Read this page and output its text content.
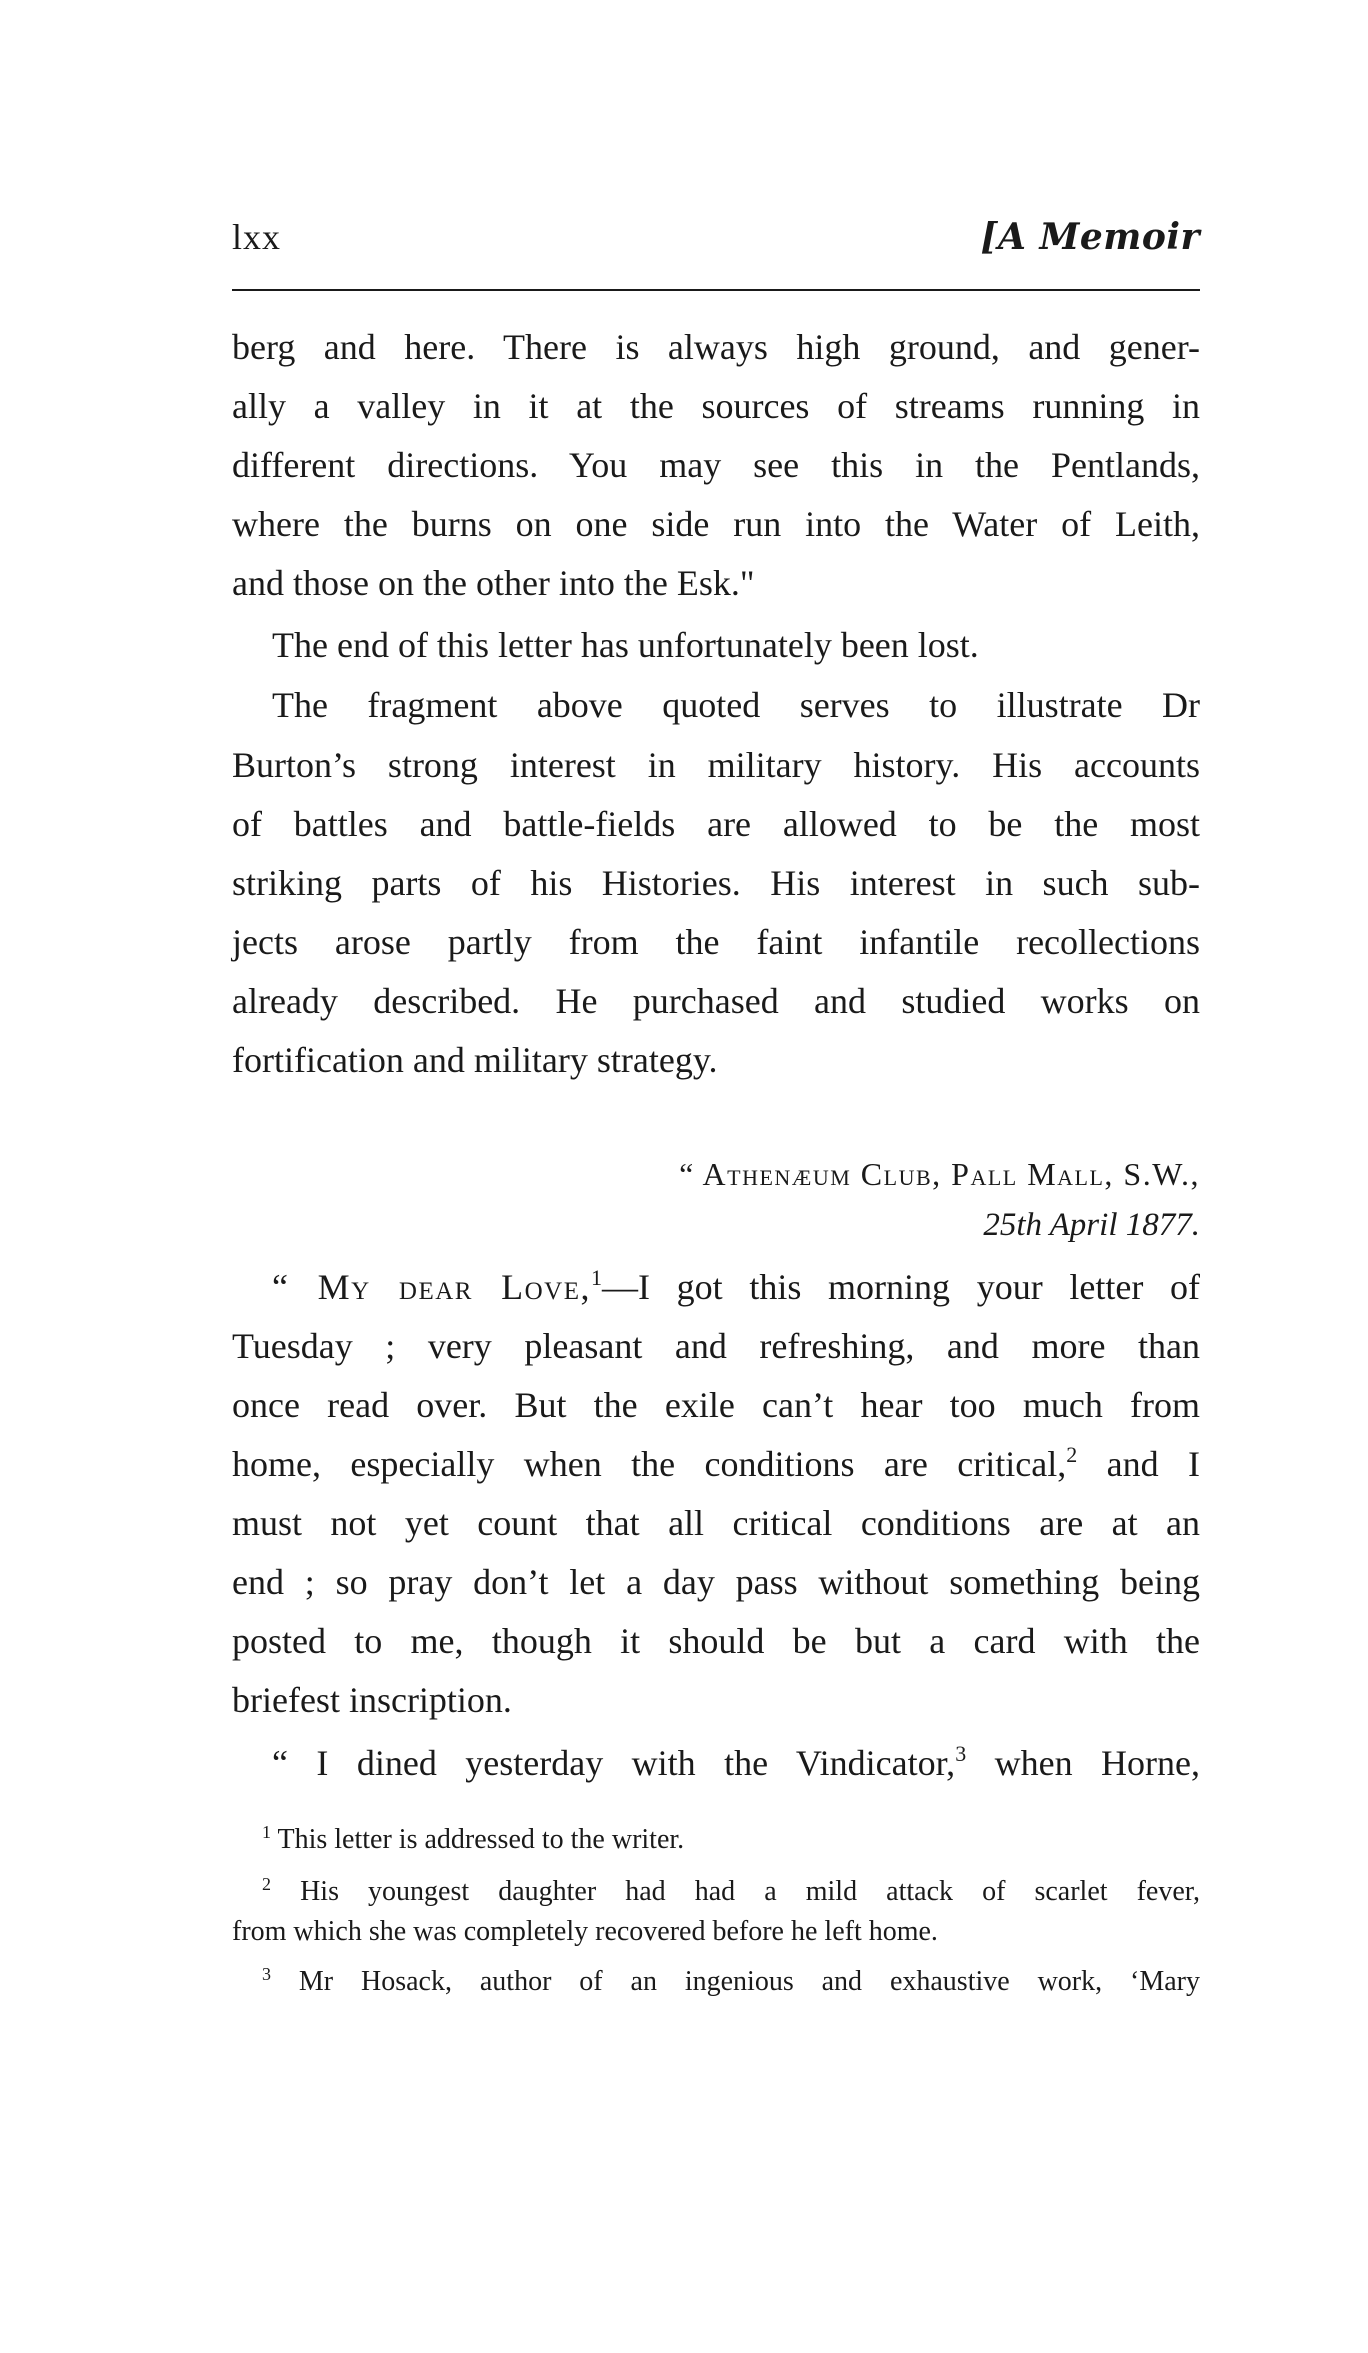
lxx	[A Memoir
berg and here. There is always high ground, and gener-
ally a valley in it at the sources of streams running in
different directions. You may see this in the Pentlands,
where the burns on one side run into the Water of Leith,
and those on the other into the Esk."
The end of this letter has unfortunately been lost.
The fragment above quoted serves to illustrate Dr
Burton’s strong interest in military history. His accounts
of battles and battle-fields are allowed to be the most
striking parts of his Histories. His interest in such sub-
jects arose partly from the faint infantile recollections
already described. He purchased and studied works on
fortification and military strategy.
“ Athenæum Club, Pall Mall, S.W.,
25th April 1877.
“ My dear Love,$^1$—I got this morning your letter of
Tuesday ; very pleasant and refreshing, and more than
once read over. But the exile can’t hear too much from
home, especially when the conditions are critical,$^2$ and I
must not yet count that all critical conditions are at an
end ; so pray don’t let a day pass without something being
posted to me, though it should be but a card with the
briefest inscription.
“ I dined yesterday with the Vindicator,$^3$ when Horne,
$^1$ This letter is addressed to the writer.
$^2$ His youngest daughter had had a mild attack of scarlet fever,
from which she was completely recovered before he left home.
$^3$ Mr Hosack, author of an ingenious and exhaustive work, ‘Mary
